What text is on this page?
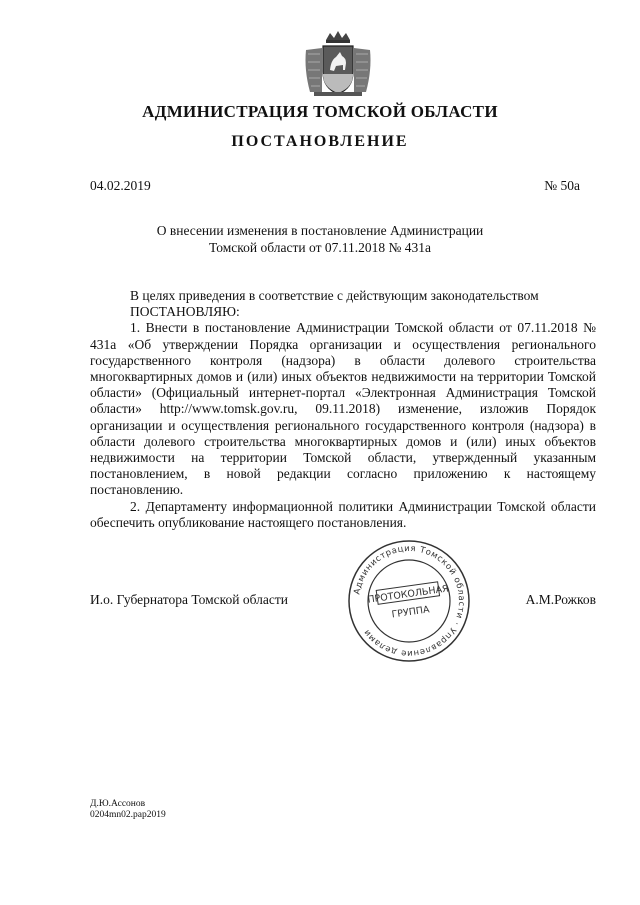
АДМИНИСТРАЦИЯ ТОМСКОЙ ОБЛАСТИ
ПОСТАНОВЛЕНИЕ
04.02.2019	№ 50а
О внесении изменения в постановление Администрации
Томской области от 07.11.2018 № 431а

В целях приведения в соответствие с действующим законодательством

ПОСТАНОВЛЯЮ:

1. Внести в постановление Администрации Томской области от 07.11.2018 № 431а «Об утверждении Порядка организации и осуществления регионального государственного контроля (надзора) в области долевого строительства многоквартирных домов и (или) иных объектов недвижимости на территории Томской области» (Официальный интернет-портал «Электронная Администрация Томской области» http://www.tomsk.gov.ru, 09.11.2018) изменение, изложив Порядок организации и осуществления регионального государственного контроля (надзора) в области долевого строительства многоквартирных домов и (или) иных объектов недвижимости на территории Томской области, утвержденный указанным постановлением, в новой редакции согласно приложению к настоящему постановлению.

2. Департаменту информационной политики Администрации Томской области обеспечить опубликование настоящего постановления.

Администрация Томской области · Управление делами
ПРОТОКОЛЬНАЯ
ГРУППА
И.о. Губернатора Томской области	А.М.Рожков
Д.Ю.Ассонов
0204mn02.pap2019
